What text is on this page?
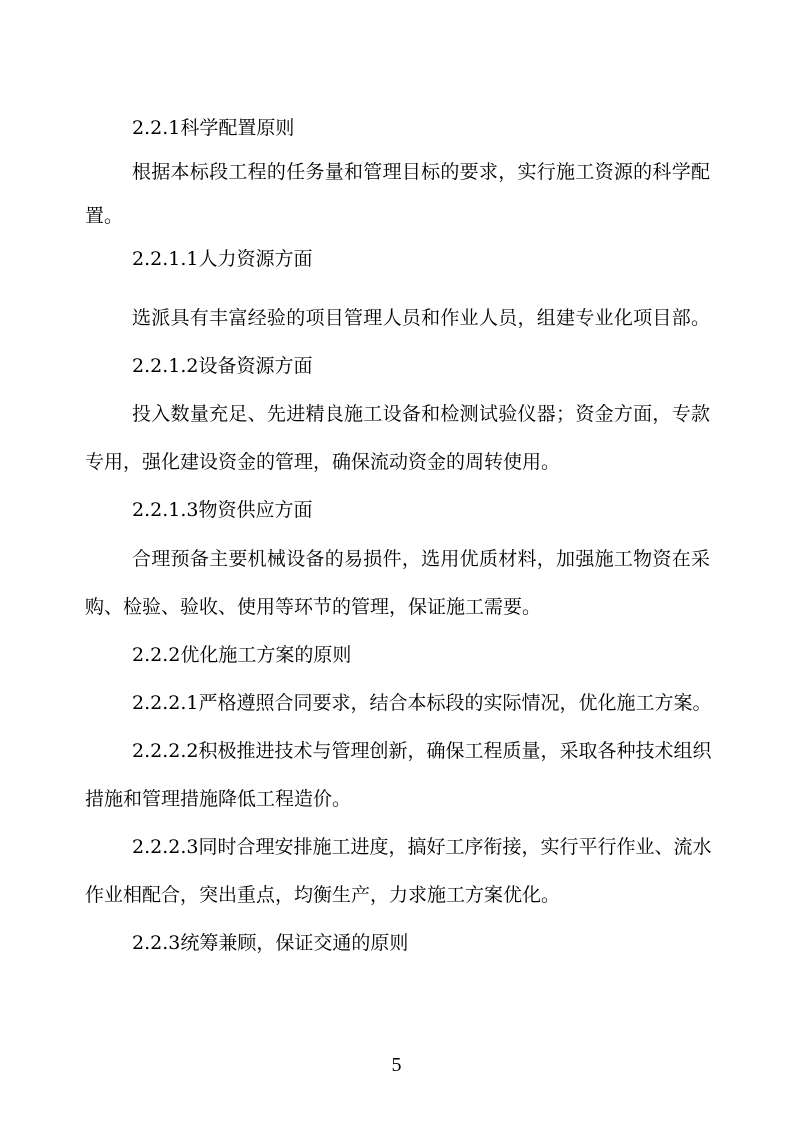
2.2.1科学配置原则
根据本标段工程的任务量和管理目标的要求，实行施工资源的科学配
置。
2.2.1.1人力资源方面
选派具有丰富经验的项目管理人员和作业人员，组建专业化项目部。
2.2.1.2设备资源方面
投入数量充足、先进精良施工设备和检测试验仪器；资金方面，专款
专用，强化建设资金的管理，确保流动资金的周转使用。
2.2.1.3物资供应方面
合理预备主要机械设备的易损件，选用优质材料，加强施工物资在采
购、检验、验收、使用等环节的管理，保证施工需要。
2.2.2优化施工方案的原则
2.2.2.1严格遵照合同要求，结合本标段的实际情况，优化施工方案。
2.2.2.2积极推进技术与管理创新，确保工程质量，采取各种技术组织
措施和管理措施降低工程造价。
2.2.2.3同时合理安排施工进度，搞好工序衔接，实行平行作业、流水
作业相配合，突出重点，均衡生产，力求施工方案优化。
2.2.3统筹兼顾，保证交通的原则
5
